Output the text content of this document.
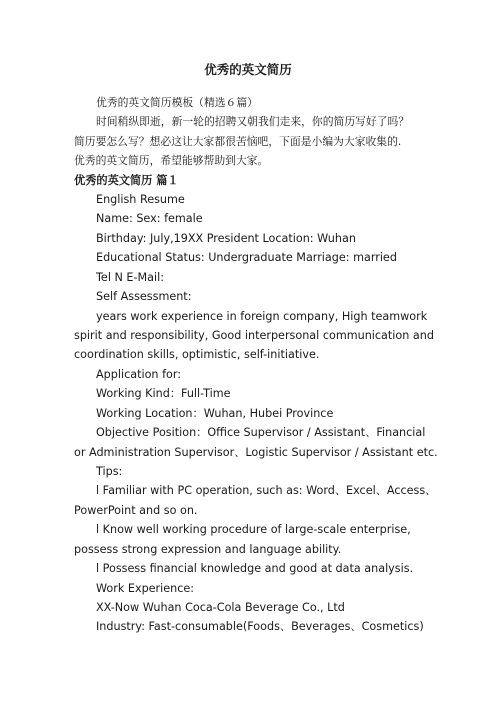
优秀的英文简历
优秀的英文简历模板（精选６篇）
时间稍纵即逝，新一轮的招聘又朝我们走来，你的简历写好了吗？
简历要怎么写？想必这让大家都很苦恼吧，下面是小编为大家收集的.
优秀的英文简历，希望能够帮助到大家。
优秀的英文简历 篇１
English Resume
Name: Sex: female
Birthday: July,19XX President Location: Wuhan
Educational Status: Undergraduate Marriage: married
Tel N E-Mail:
Self Assessment:
years work experience in foreign company, High teamwork
spirit and responsibility, Good interpersonal communication and
coordination skills, optimistic, self-initiative.
Application for:
Working Kind：Full-Time
Working Location：Wuhan, Hubei Province
Objective Position：Office Supervisor / Assistant、Financial
or Administration Supervisor、Logistic Supervisor / Assistant etc.
Tips:
l Familiar with PC operation, such as: Word、Excel、Access、
PowerPoint and so on.
l Know well working procedure of large-scale enterprise,
possess strong expression and language ability.
l Possess financial knowledge and good at data analysis.
Work Experience:
XX-Now Wuhan Coca-Cola Beverage Co., Ltd
Industry: Fast-consumable(Foods、Beverages、Cosmetics)
